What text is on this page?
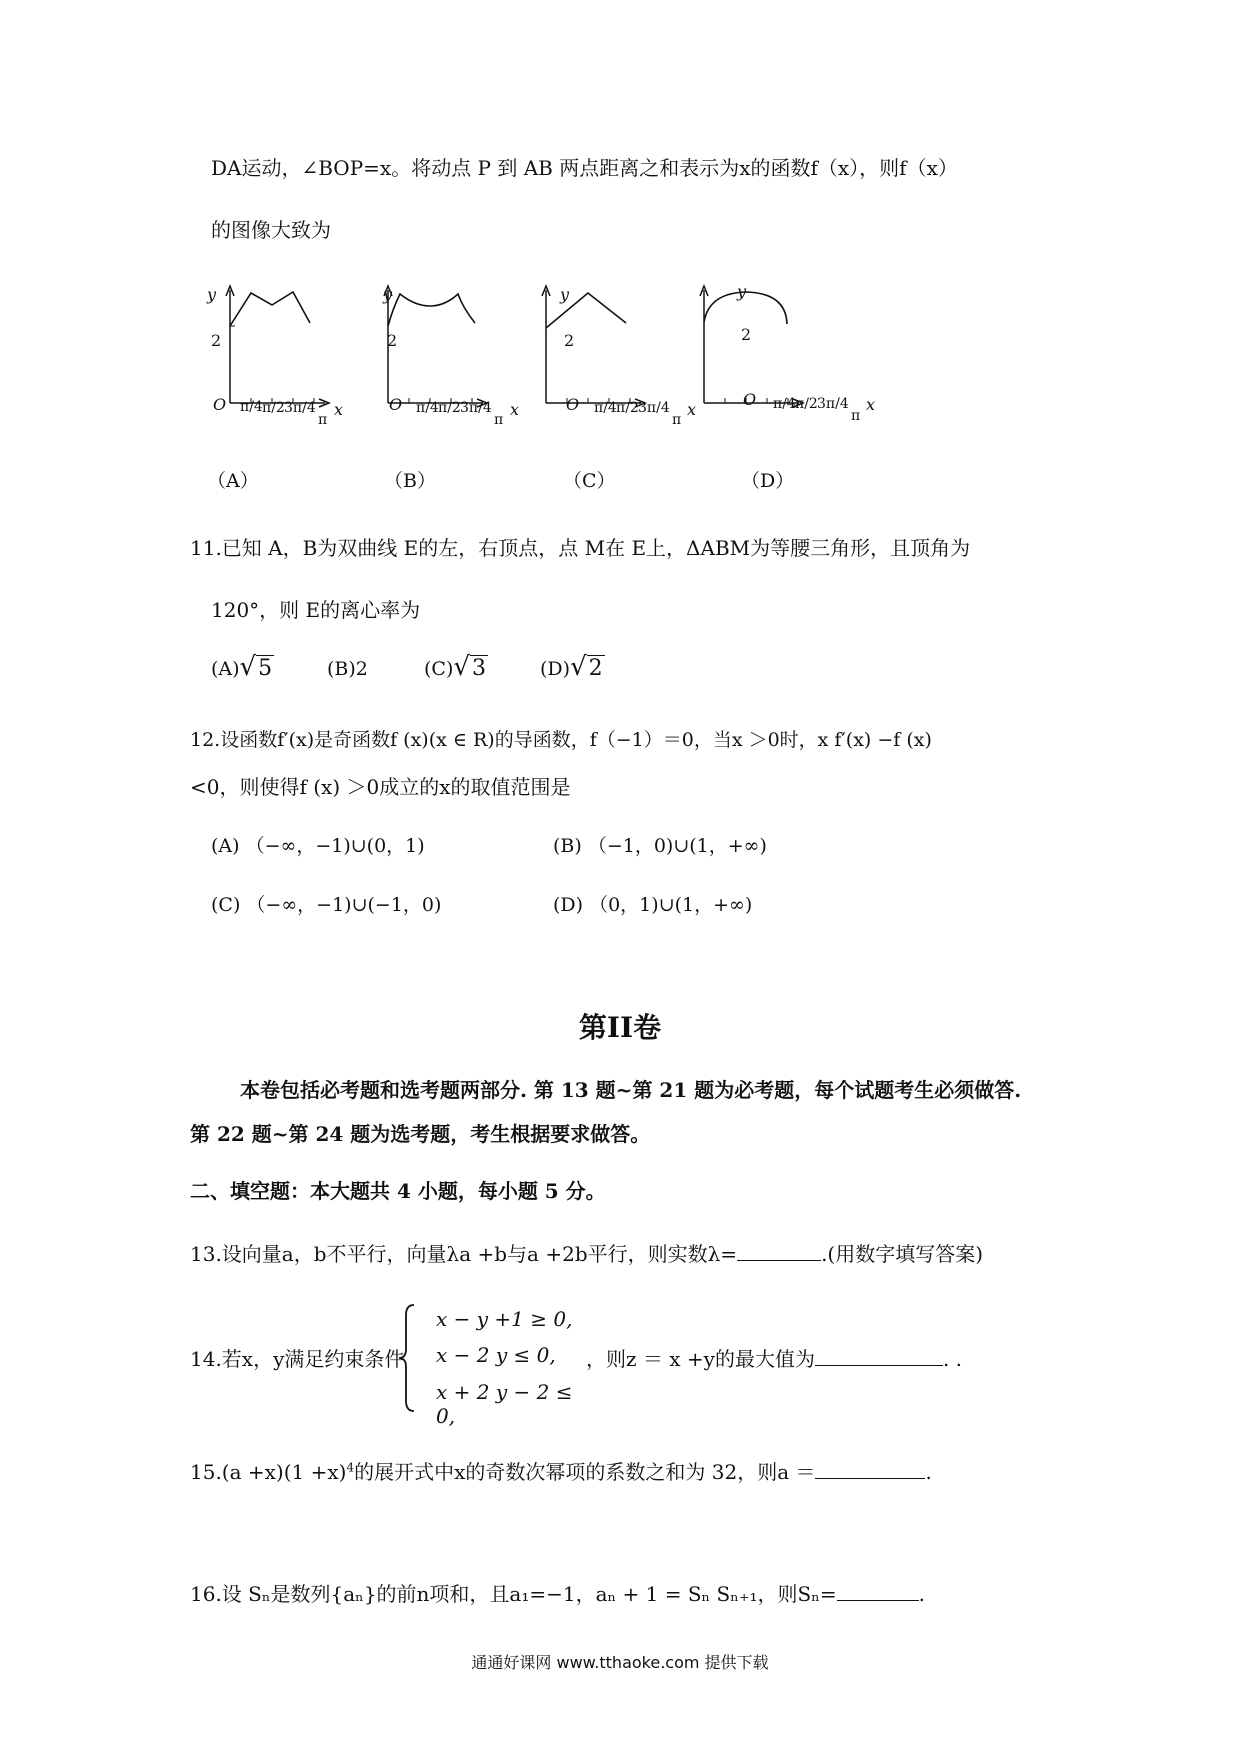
DA运动，∠BOP=x。将动点 P 到 AB 两点距离之和表示为x的函数f（x），则f（x）
的图像大致为
y
2
O	x
π/4 π/2 3π/4
π
y
2
O	x
π/4 π/2 3π/4
π
y
2
O	x
π/4 π/2 3π/4
π
y
2
O	x
π/4 π/2 3π/4
π
（A）	（B）	（C）	（D）
11.已知 A，B为双曲线 E的左，右顶点，点 M在 E上，ΔABM为等腰三角形，且顶角为
120°，则 E的离心率为
(A)√5	(B)2	(C)√3	(D)√2
12.设函数f′(x)是奇函数f (x)(x ∈ R)的导函数，f（−1）＝0，当x ＞0时，x f′(x) −f (x)
<0，则使得f (x) ＞0成立的x的取值范围是
(A) （−∞，−1)∪(0，1)	(B) （−1，0)∪(1，+∞)
(C) （−∞，−1)∪(−1，0)	(D) （0，1)∪(1，+∞)
第II卷
本卷包括必考题和选考题两部分. 第 13 题~第 21 题为必考题，每个试题考生必须做答.
第 22 题~第 24 题为选考题，考生根据要求做答。
二、填空题：本大题共 4 小题，每小题 5 分。
13.设向量a，b不平行，向量λa +b与a +2b平行，则实数λ=	.(用数字填写答案)
14.若x，y满足约束条件
x − y +1 ≥ 0,
x − 2 y ≤ 0,
x + 2 y − 2 ≤ 0,
，则z ＝ x +y的最大值为	. .
$15.(a +x)(1 +x)^4$的展开式中x的奇数次幂项的系数之和为 32，则a ＝	.
16.设 Sₙ是数列{aₙ}的前n项和，且a₁=−1，aₙ + 1 = Sₙ Sₙ₊₁，则Sₙ=	.
通通好课网 www.tthaoke.com 提供下载
